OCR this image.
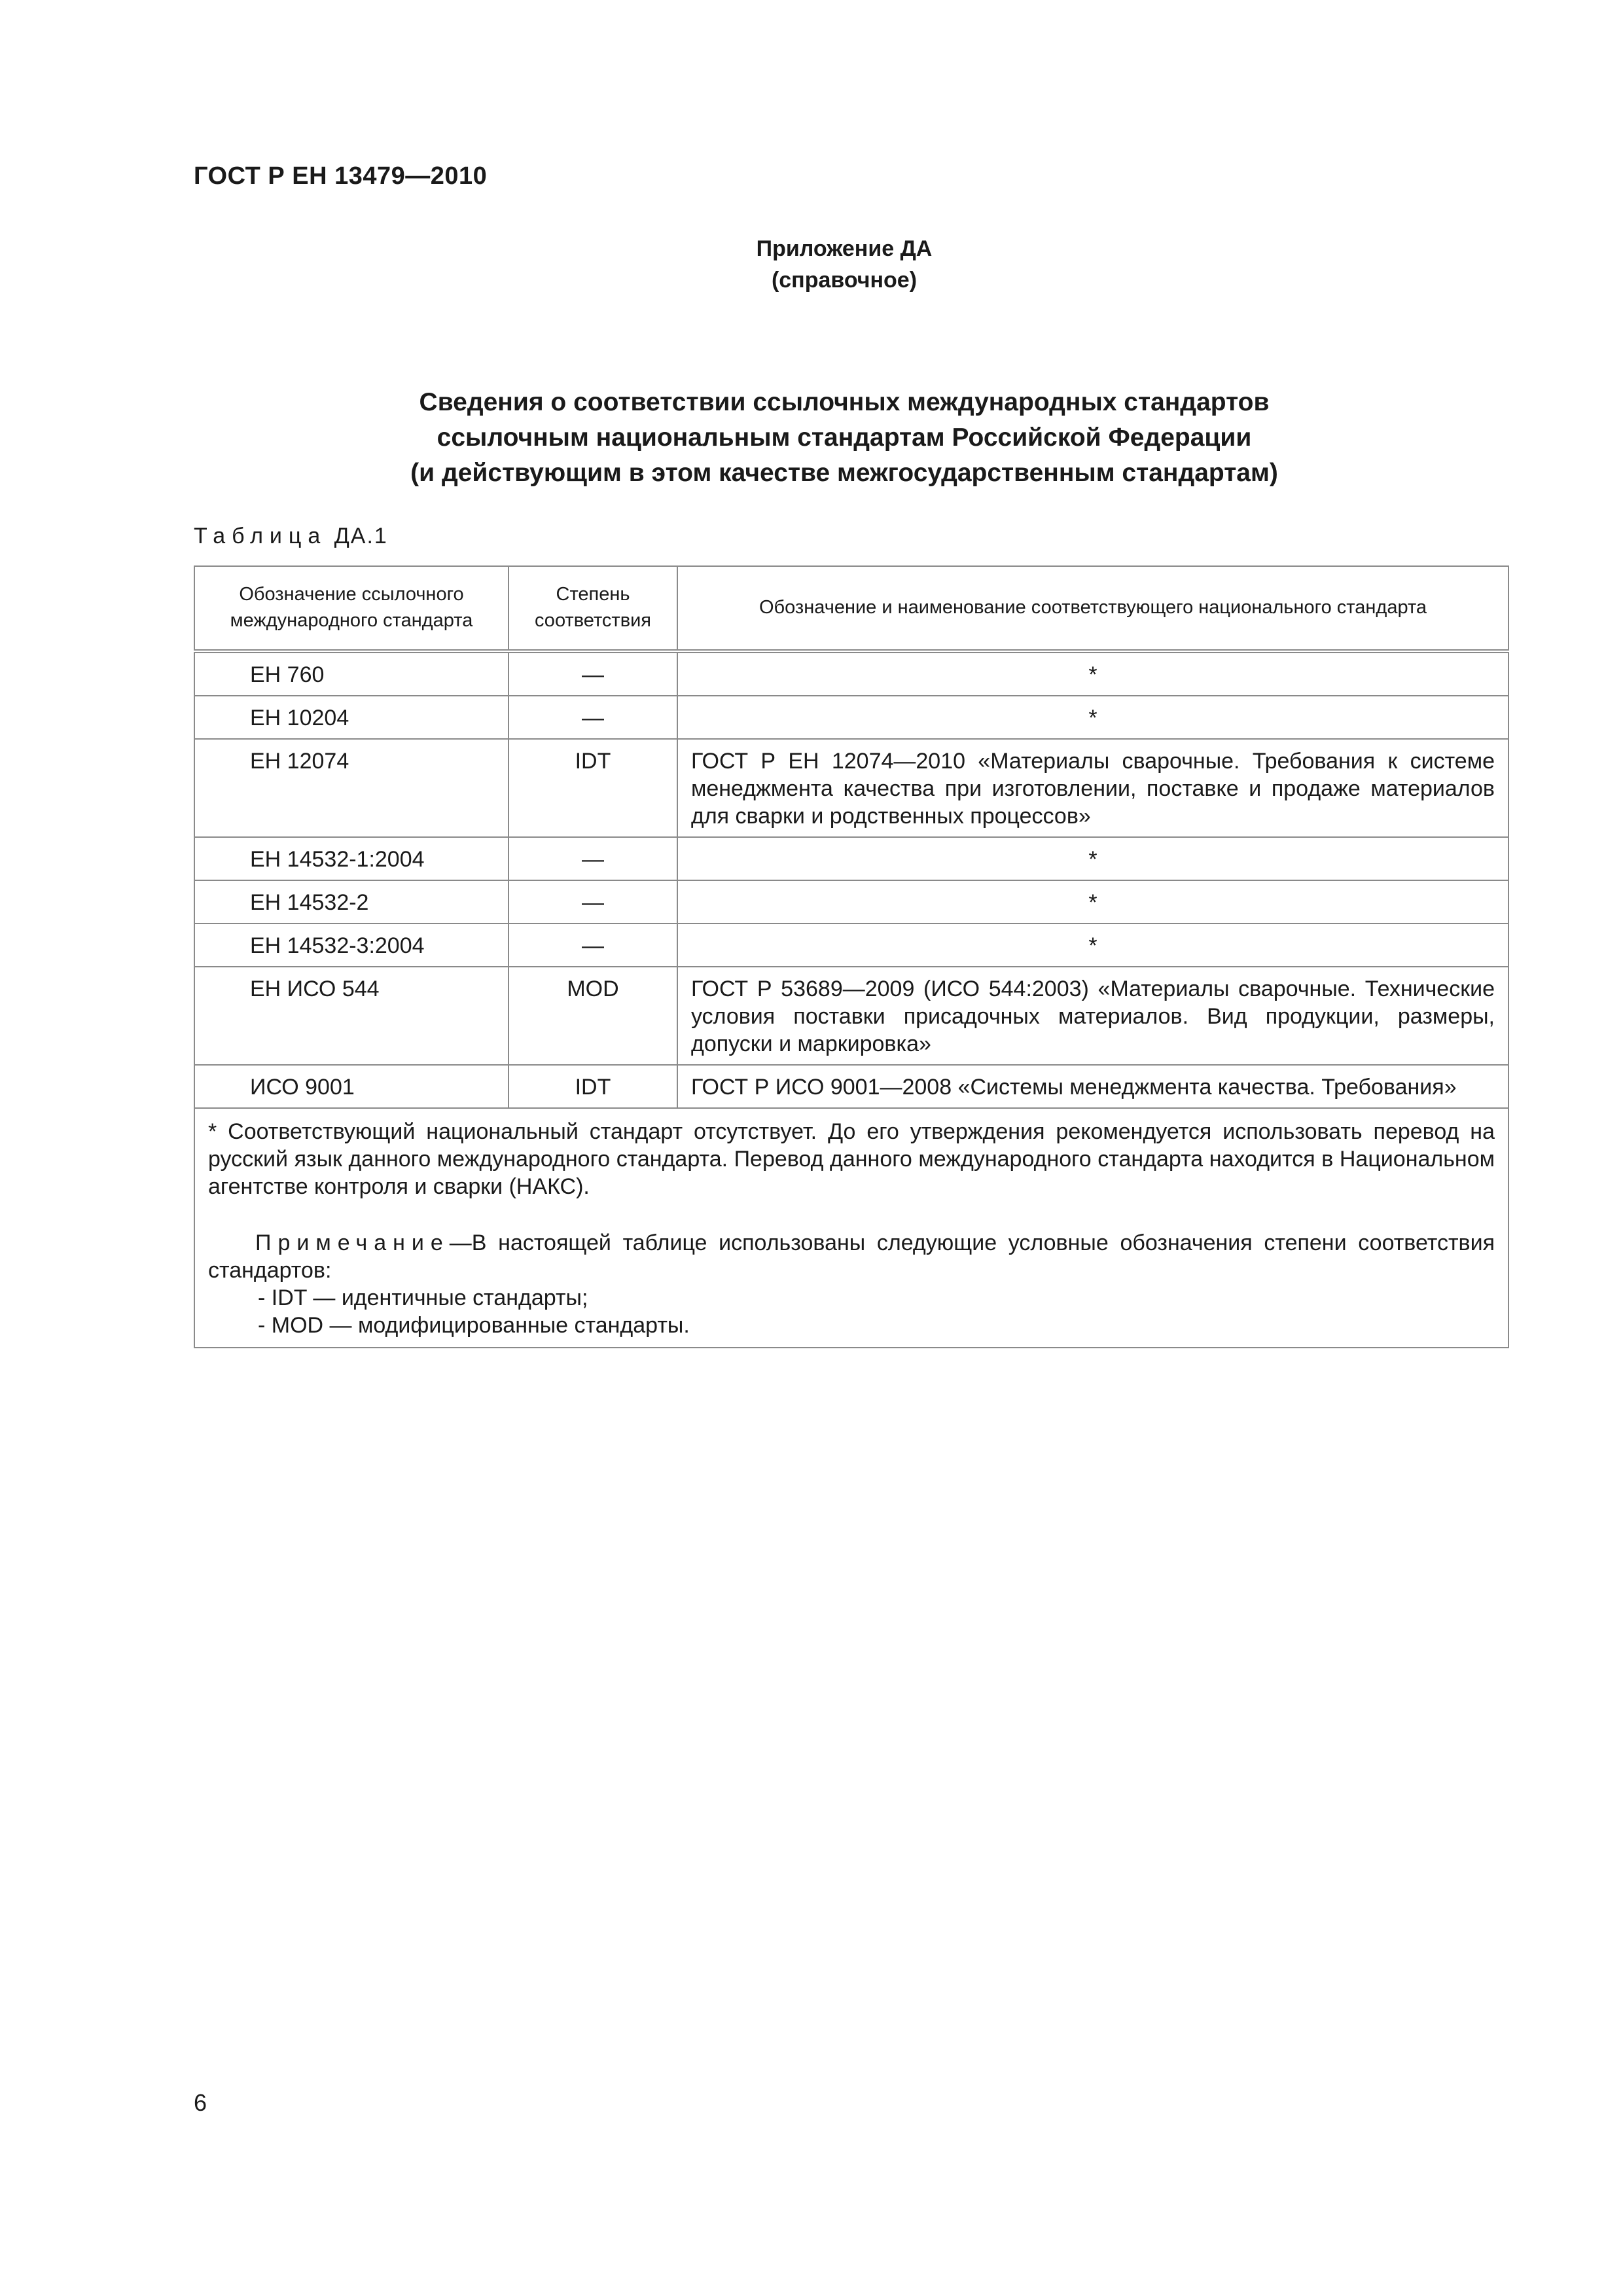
ГОСТ Р ЕН 13479—2010
Приложение ДА
(справочное)
Сведения о соответствии ссылочных международных стандартов
ссылочным национальным стандартам Российской Федерации
(и действующим в этом качестве межгосударственным стандартам)
Таблица ДА.1
Обозначение ссылочного международного стандарта	Степень соответствия	Обозначение и наименование соответствующего национального стандарта
ЕН 760	—	*
ЕН 10204	—	*
ЕН 12074	IDT	ГОСТ Р ЕН 12074—2010 «Материалы сварочные. Требования к системе менеджмента качества при изготовлении, поставке и продаже материалов для сварки и родственных процессов»
ЕН 14532-1:2004	—	*
ЕН 14532-2	—	*
ЕН 14532-3:2004	—	*
ЕН ИСО 544	MOD	ГОСТ Р 53689—2009 (ИСО 544:2003) «Материалы сварочные. Технические условия поставки присадочных материалов. Вид продукции, размеры, допуски и маркировка»
ИСО 9001	IDT	ГОСТ Р ИСО 9001—2008 «Системы менеджмента качества. Требования»

* Соответствующий национальный стандарт отсутствует. До его утверждения рекомендуется использовать перевод на русский язык данного международного стандарта. Перевод данного международного стандарта находится в Национальном агентстве контроля и сварки (НАКС).
Примечание—В настоящей таблице использованы следующие условные обозначения степени соответствия стандартов:
- IDT — идентичные стандарты;
- MOD — модифицированные стандарты.		
6
